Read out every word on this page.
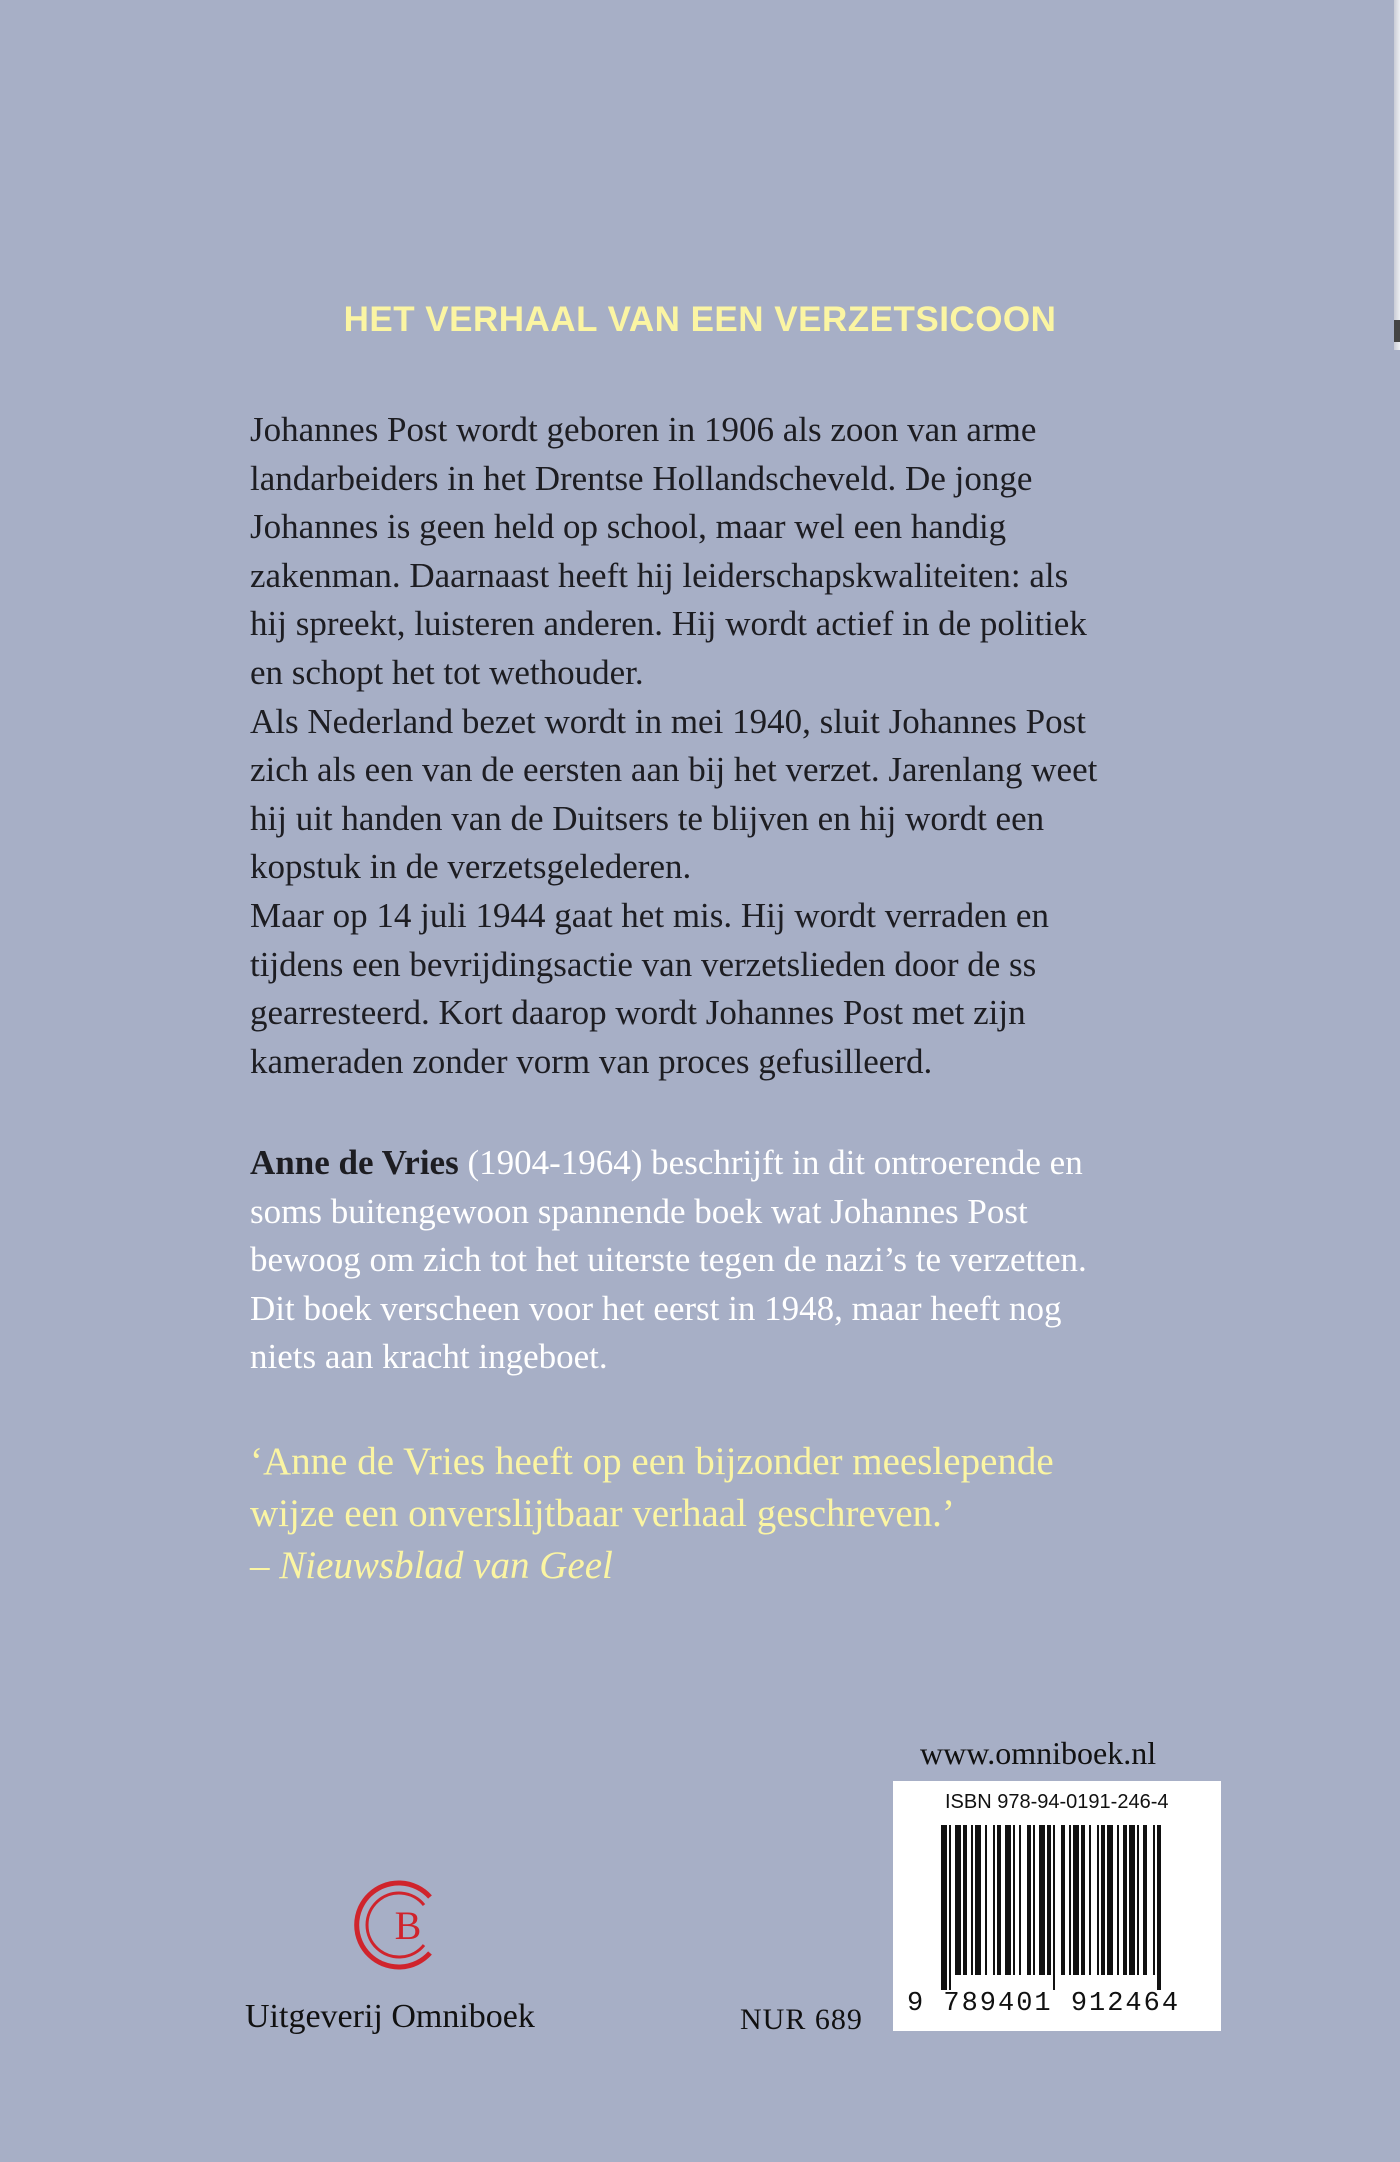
HET VERHAAL VAN EEN VERZETSICOON
Johannes Post wordt geboren in 1906 als zoon van arme
landarbeiders in het Drentse Hollandscheveld. De jonge
Johannes is geen held op school, maar wel een handig
zakenman. Daarnaast heeft hij leiderschapskwaliteiten: als
hij spreekt, luisteren anderen. Hij wordt actief in de politiek
en schopt het tot wethouder.
Als Nederland bezet wordt in mei 1940, sluit Johannes Post
zich als een van de eersten aan bij het verzet. Jarenlang weet
hij uit handen van de Duitsers te blijven en hij wordt een
kopstuk in de verzetsgelederen.
Maar op 14 juli 1944 gaat het mis. Hij wordt verraden en
tijdens een bevrijdingsactie van verzetslieden door de ss
gearresteerd. Kort daarop wordt Johannes Post met zijn
kameraden zonder vorm van proces gefusilleerd.
Anne de Vries (1904-1964) beschrijft in dit ontroerende en
soms buitengewoon spannende boek wat Johannes Post
bewoog om zich tot het uiterste tegen de nazi’s te verzetten.
Dit boek verscheen voor het eerst in 1948, maar heeft nog
niets aan kracht ingeboet.
‘Anne de Vries heeft op een bijzonder meeslepende
wijze een onverslijtbaar verhaal geschreven.’
– Nieuwsblad van Geel
www.omniboek.nl
ISBN 978-94-0191-246-4
9 789401 912464
B
Uitgeverij Omniboek	NUR 689
